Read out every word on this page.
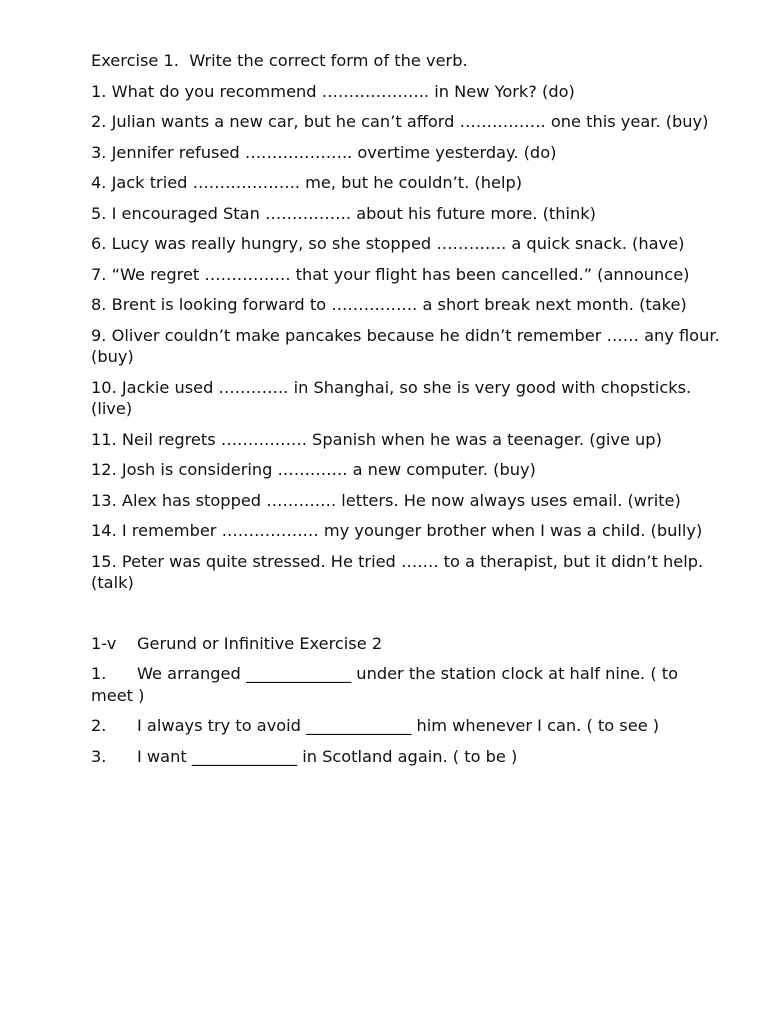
Exercise 1.  Write the correct form of the verb.
1. What do you recommend ……………….. in New York? (do)
2. Julian wants a new car, but he can’t afford ……………. one this year. (buy)
3. Jennifer refused ……………….. overtime yesterday. (do)
4. Jack tried ……………….. me, but he couldn’t. (help)
5. I encouraged Stan ……………. about his future more. (think)
6. Lucy was really hungry, so she stopped …………. a quick snack. (have)
7. “We regret ……………. that your flight has been cancelled.” (announce)
8. Brent is looking forward to ……………. a short break next month. (take)
9. Oliver couldn’t make pancakes because he didn’t remember …… any flour. (buy)
10. Jackie used …………. in Shanghai, so she is very good with chopsticks. (live)
11. Neil regrets ……………. Spanish when he was a teenager. (give up)
12. Josh is considering …………. a new computer. (buy)
13. Alex has stopped …………. letters. He now always uses email. (write)
14. I remember ……………… my younger brother when I was a child. (bully)
15. Peter was quite stressed. He tried ……. to a therapist, but it didn’t help. (talk)
1-v Gerund or Infinitive Exercise 2
1. We arranged _____________ under the station clock at half nine. ( to meet )
2. I always try to avoid _____________ him whenever I can. ( to see )
3. I want _____________ in Scotland again. ( to be )
